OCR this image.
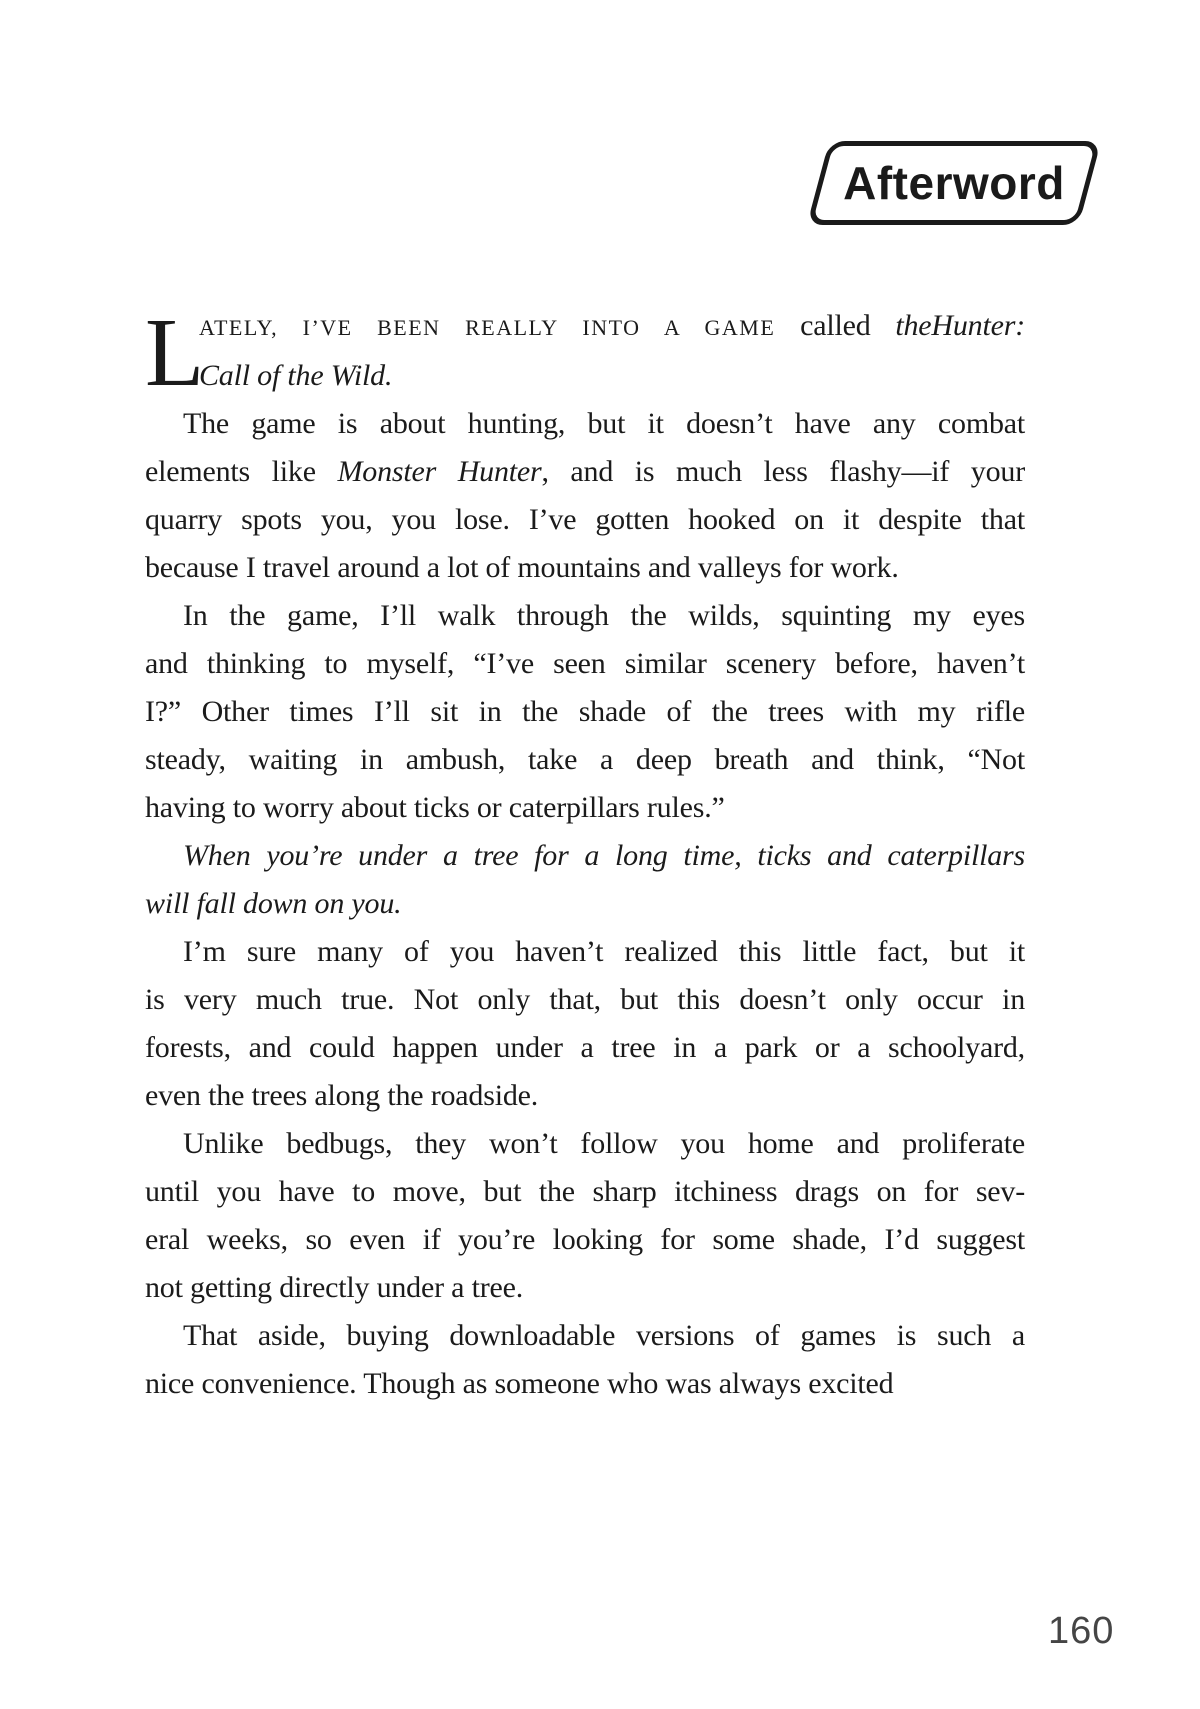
Afterword
L
ATELY, I’VE BEEN REALLY INTO A GAME called theHunter:
Call of the Wild.
The game is about hunting, but it doesn’t have any combat
elements like Monster Hunter, and is much less flashy—if your
quarry spots you, you lose. I’ve gotten hooked on it despite that
because I travel around a lot of mountains and valleys for work.
In the game, I’ll walk through the wilds, squinting my eyes
and thinking to myself, “I’ve seen similar scenery before, haven’t
I?” Other times I’ll sit in the shade of the trees with my rifle
steady, waiting in ambush, take a deep breath and think, “Not
having to worry about ticks or caterpillars rules.”
When you’re under a tree for a long time, ticks and caterpillars
will fall down on you.
I’m sure many of you haven’t realized this little fact, but it
is very much true. Not only that, but this doesn’t only occur in
forests, and could happen under a tree in a park or a schoolyard,
even the trees along the roadside.
Unlike bedbugs, they won’t follow you home and proliferate
until you have to move, but the sharp itchiness drags on for sev-
eral weeks, so even if you’re looking for some shade, I’d suggest
not getting directly under a tree.
That aside, buying downloadable versions of games is such a
nice convenience. Though as someone who was always excited
160
